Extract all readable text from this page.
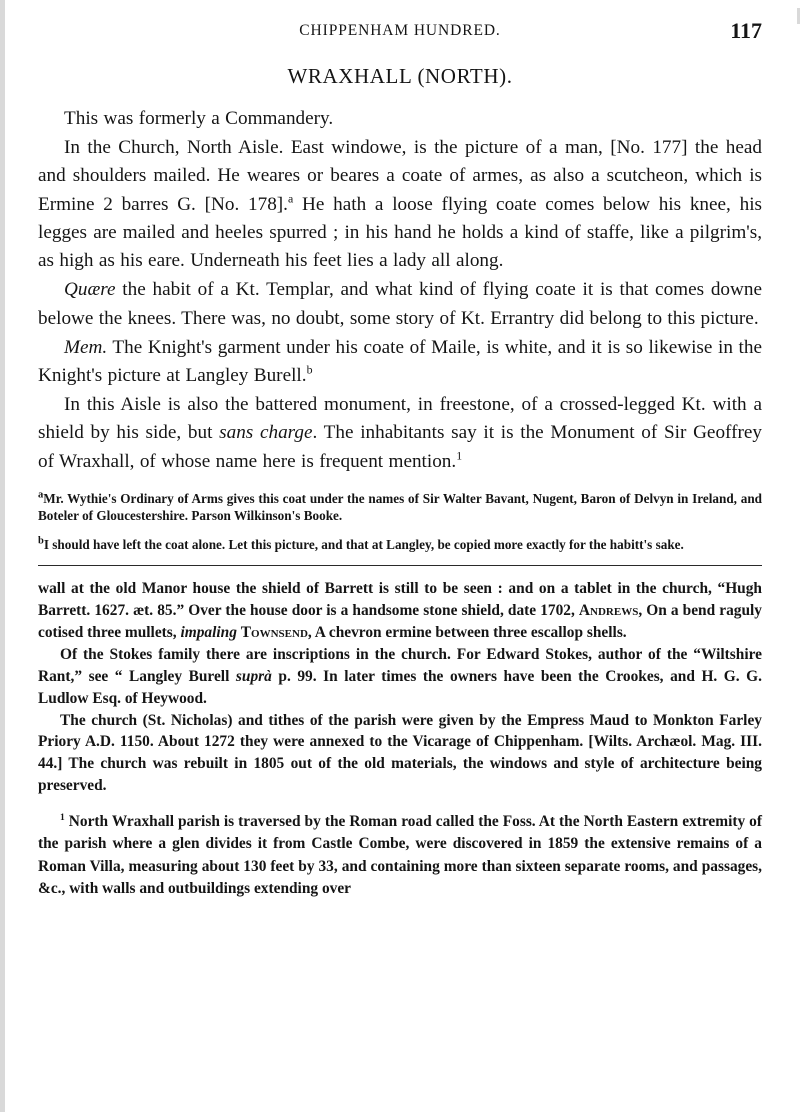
CHIPPENHAM HUNDRED.	117
WRAXHALL (NORTH).

This was formerly a Commandery.

In the Church, North Aisle. East windowe, is the picture of a man, [No. 177] the head and shoulders mailed. He weares or beares a coate of armes, as also a scutcheon, which is Ermine 2 barres G. [No. 178].$^a$ He hath a loose flying coate comes below his knee, his legges are mailed and heeles spurred ; in his hand he holds a kind of staffe, like a pilgrim's, as high as his eare. Underneath his feet lies a lady all along.

Quære the habit of a Kt. Templar, and what kind of flying coate it is that comes downe belowe the knees. There was, no doubt, some story of Kt. Errantry did belong to this picture.

Mem. The Knight's garment under his coate of Maile, is white, and it is so likewise in the Knight's picture at Langley Burell.$^b$

In this Aisle is also the battered monument, in freestone, of a crossed-legged Kt. with a shield by his side, but sans charge. The inhabitants say it is the Monument of Sir Geoffrey of Wraxhall, of whose name here is frequent mention.$^1$

$^a$Mr. Wythie's Ordinary of Arms gives this coat under the names of Sir Walter Bavant, Nugent, Baron of Delvyn in Ireland, and Boteler of Gloucestershire. Parson Wilkinson's Booke.

$^b$I should have left the coat alone. Let this picture, and that at Langley, be copied more exactly for the habitt's sake.

wall at the old Manor house the shield of Barrett is still to be seen : and on a tablet in the church, “Hugh Barrett. 1627. æt. 85.” Over the house door is a handsome stone shield, date 1702, Andrews, On a bend raguly cotised three mullets, impaling Townsend, A chevron ermine between three escallop shells.

Of the Stokes family there are inscriptions in the church. For Edward Stokes, author of the “Wiltshire Rant,” see “ Langley Burell suprà p. 99. In later times the owners have been the Crookes, and H. G. G. Ludlow Esq. of Heywood.

The church (St. Nicholas) and tithes of the parish were given by the Empress Maud to Monkton Farley Priory A.D. 1150. About 1272 they were annexed to the Vicarage of Chippenham. [Wilts. Archæol. Mag. III. 44.] The church was rebuilt in 1805 out of the old materials, the windows and style of architecture being preserved.

$^1$ North Wraxhall parish is traversed by the Roman road called the Foss. At the North Eastern extremity of the parish where a glen divides it from Castle Combe, were discovered in 1859 the extensive remains of a Roman Villa, measuring about 130 feet by 33, and containing more than sixteen separate rooms, and passages, &c., with walls and outbuildings extending over
